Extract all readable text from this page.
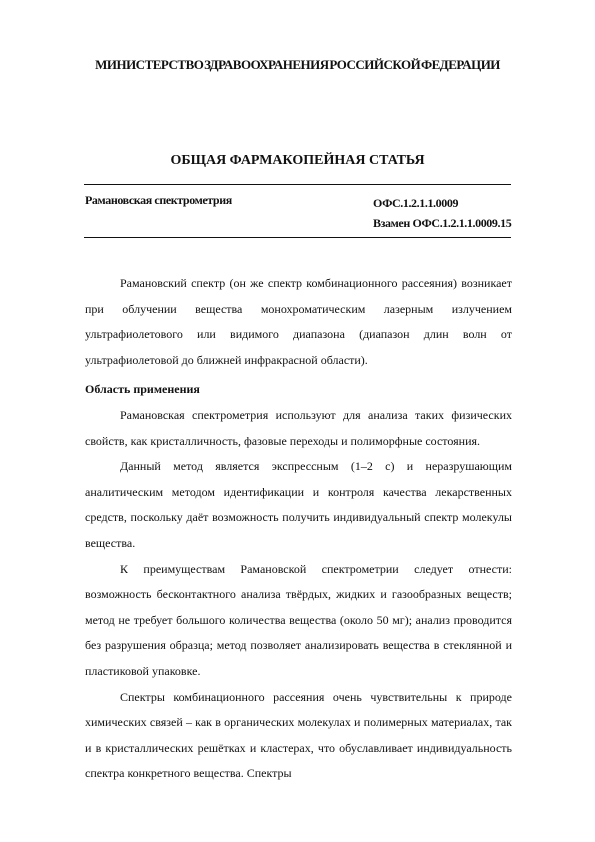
МИНИСТЕРСТВО ЗДРАВООХРАНЕНИЯ РОССИЙСКОЙ ФЕДЕРАЦИИ
ОБЩАЯ ФАРМАКОПЕЙНАЯ СТАТЬЯ
Рамановская спектрометрия	ОФС.1.2.1.1.0009
Взамен ОФС.1.2.1.1.0009.15

Рамановский спектр (он же спектр комбинационного рассеяния) возникает при облучении вещества монохроматическим лазерным излучением ультрафиолетового или видимого диапазона (диапазон длин волн от ультрафиолетовой до ближней инфракрасной области).

Область применения

Рамановская спектрометрия используют для анализа таких физических свойств, как кристалличность, фазовые переходы и полиморфные состояния.

Данный метод является экспрессным (1–2 с) и неразрушающим аналитическим методом идентификации и контроля качества лекарственных средств, поскольку даёт возможность получить индивидуальный спектр молекулы вещества.

К преимуществам Рамановской спектрометрии следует отнести: возможность бесконтактного анализа твёрдых, жидких и газообразных веществ; метод не требует большого количества вещества (около 50 мг); анализ проводится без разрушения образца; метод позволяет анализировать вещества в стеклянной и пластиковой упаковке.

Спектры комбинационного рассеяния очень чувствительны к природе химических связей – как в органических молекулах и полимерных материалах, так и в кристаллических решётках и кластерах, что обуславливает индивидуальность спектра конкретного вещества. Спектры
